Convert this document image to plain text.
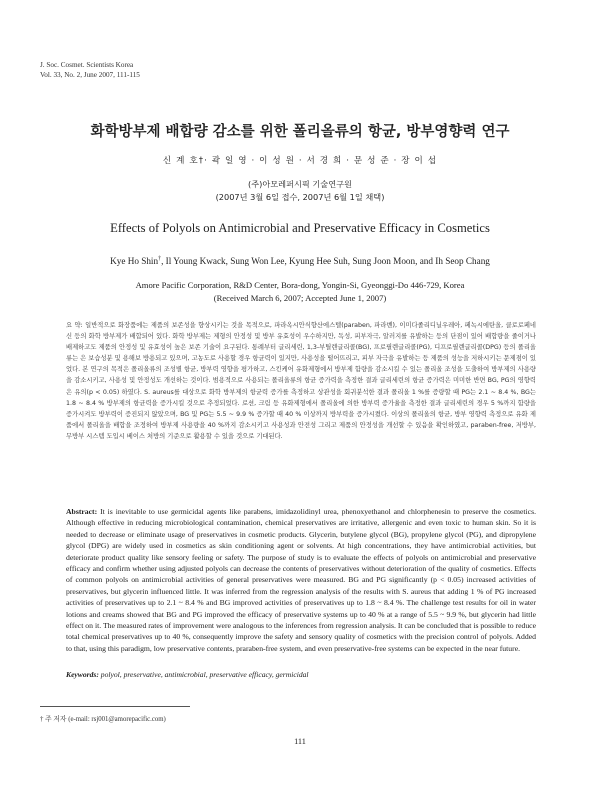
J. Soc. Cosmet. Scientists Korea
Vol. 33, No. 2, June 2007, 111-115
화학방부제 배합량 감소를 위한 폴리올류의 항균, 방부영향력 연구
신 계 호†· 곽 일 영 · 이 성 원 · 서 경 희 · 문 성 준 · 장 이 섭
(주)아모레퍼시픽 기술연구원
(2007년 3월 6일 접수, 2007년 6월 1일 채택)
Effects of Polyols on Antimicrobial and Preservative Efficacy in Cosmetics
Kye Ho Shin†, Il Young Kwack, Sung Won Lee, Kyung Hee Suh, Sung Joon Moon, and Ih Seop Chang
Amore Pacific Corporation, R&D Center, Bora-dong, Yongin-Si, Gyeonggi-Do 446-729, Korea
(Received March 6, 2007; Accepted June 1, 2007)
요 약: 일반적으로 화장품에는 제품의 보존성을 향상시키는 것을 목적으로, 파라옥시안식향산에스텔(paraben, 파라벤), 이미다졸리디닐우레아, 페녹시에탄올, 클로로페네신 등의 화학 방부제가 배합되어 있다. 화학 방부제는 제형의 안정성 및 방부 유효성이 우수하지만, 독성, 피부자극, 알러지를 유발하는 등의 단점이 있어 배합량을 줄이거나 배제하고도 제품의 안정성 및 유효성이 높은 보존 기술이 요구된다. 통례부터 글리세린, 1,3-부틸렌글리콜(BG), 프로필렌글리콜(PG), 디프로필렌글리콜(DPG) 등의 폴리올류는 은 보습성분 및 용해보 방용되고 있으며, 고농도로 사용할 경우 항균력이 있지만, 사용성을 떨어뜨리고, 피부 자극을 유발하는 등 제품의 성능을 저하시키는 문제점이 있었다. 본 연구의 목적은 폴리올류의 조성별 항균, 방부력 영향을 평가하고, 스킨케어 유화제형에서 방부제 함량을 감소시킬 수 있는 폴리올 조성을 도출하여 방부제의 사용량을 감소시키고, 사용성 및 안정성도 개선하는 것이다. 범용적으로 사용되는 폴리올류의 항균 증가력을 측정한 결과 글리세린의 항균 증가력은 미미한 반면 BG, PG의 영향력은 유의(p < 0.05) 하였다. S. aureus를 대상으로 화학 방부제의 항균력 증가를 측정하고 상관성을 회귀분석한 결과 폴리올 1 %를 증량할 때 PG는 2.1 ~ 8.4 %, BG는 1.8 ~ 8.4 % 방부제의 항균력을 증가시킬 것으로 추정되었다. 로션, 크림 등 유화제형에서 폴리올에 의한 방부력 증가율을 측정한 결과 글리세린의 경우 5 %까지 함량을 증가시켜도 방부력이 증진되지 않았으며, BG 및 PG는 5.5 ~ 9.9 % 증가할 때 40 % 이상까지 방부력을 증가시켰다. 이상의 폴리올의 항균, 방부 영향력 측정으로 유화 제품에서 폴리올을 배합을 조정하여 방부제 사용량을 40 %까지 감소시키고 사용성과 안전성 그리고 제품의 안정성을 개선할 수 있음을 확인하였고, paraben-free, 저방부, 무방부 시스템 도입시 베이스 처방의 기준으로 활용할 수 있을 것으로 기대된다.
Abstract: It is inevitable to use germicidal agents like parabens, imidazolidinyl urea, phenoxyethanol and chlorphenesin to preserve the cosmetics. Although effective in reducing microbiological contamination, chemical preservatives are irritative, allergenic and even toxic to human skin. So it is needed to decrease or eliminate usage of preservatives in cosmetic products. Glycerin, butylene glycol (BG), propylene glycol (PG), and dipropylene glycol (DPG) are widely used in cosmetics as skin conditioning agent or solvents. At high concentrations, they have antimicrobial activities, but deteriorate product quality like sensory feeling or safety. The purpose of study is to evaluate the effects of polyols on antimicrobial and preservative efficacy and confirm whether using adjusted polyols can decrease the contents of preservatives without deterioration of the quality of cosmetics. Effects of common polyols on antimicrobial activities of general preservatives were measured. BG and PG significantly (p < 0.05) increased activities of preservatives, but glycerin influenced little. It was inferred from the regression analysis of the results with S. aureus that adding 1 % of PG increased activities of preservatives up to 2.1 ~ 8.4 % and BG improved activities of preservatives up to 1.8 ~ 8.4 %. The challenge test results for oil in water lotions and creams showed that BG and PG improved the efficacy of preservative systems up to 40 % at a range of 5.5 ~ 9.9 %, but glycerin had little effect on it. The measured rates of improvement were analogous to the inferences from regression analysis. It can be concluded that is possible to reduce total chemical preservatives up to 40 %, consequently improve the safety and sensory quality of cosmetics with the precision control of polyols. Added to that, using this paradigm, low preservative contents, praraben-free system, and even preservative-free systems can be expected in the near future.
Keywords: polyol, preservative, antimicrobial, preservative efficacy, germicidal
† 주 저자 (e-mail: rsj001@amorepacific.com)
111
